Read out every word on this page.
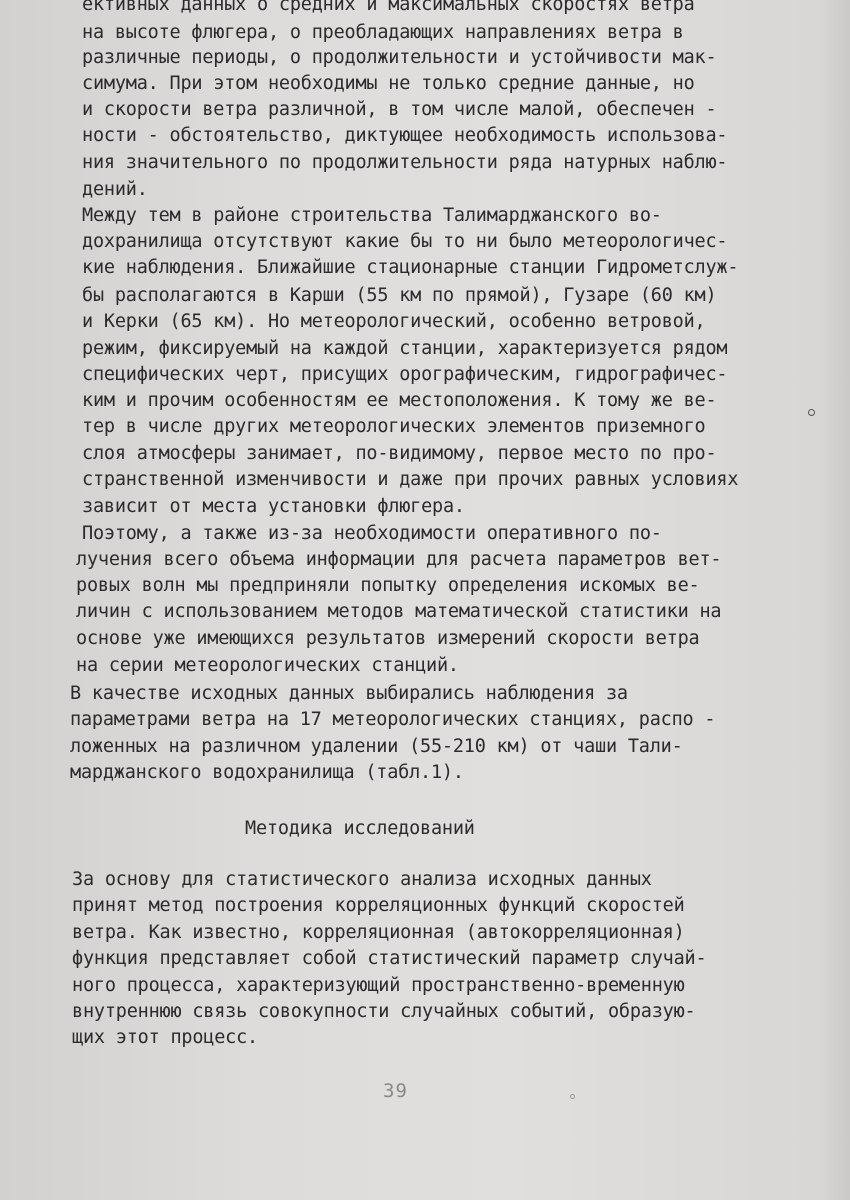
ективных данных о средних и максимальных скоростях ветра
на высоте флюгера, о преобладающих направлениях ветра в
различные периоды, о продолжительности и устойчивости мак-
симума. При этом необходимы не только средние данные, но
и скорости ветра различной, в том числе малой, обеспечен -
ности - обстоятельство, диктующее необходимость использова-
ния значительного по продолжительности ряда натурных наблю-
дений.
Между тем в районе строительства Талимарджанского во-
дохранилища отсутствуют какие бы то ни было метеорологичес-
кие наблюдения. Ближайшие стационарные станции Гидрометслуж-
бы располагаются в Карши (55 км по прямой), Гузаре (60 км)
и Керки (65 км). Но метеорологический, особенно ветровой,
режим, фиксируемый на каждой станции, характеризуется рядом
специфических черт, присущих орографическим, гидрографичес-
ким и прочим особенностям ее местоположения. К тому же ве-
тер в числе других метеорологических элементов приземного
слоя атмосферы занимает, по-видимому, первое место по про-
странственной изменчивости и даже при прочих равных условиях
зависит от места установки флюгера.
Поэтому, а также из-за необходимости оперативного по-
лучения всего объема информации для расчета параметров вет-
ровых волн мы предприняли попытку определения искомых ве-
личин с использованием методов математической статистики на
основе уже имеющихся результатов измерений скорости ветра
на серии метеорологических станций.
В качестве исходных данных выбирались наблюдения за
параметрами ветра на 17 метеорологических станциях, распо -
ложенных на различном удалении (55-210 км) от чаши Тали-
марджанского водохранилища (табл.1).
Методика исследований
За основу для статистического анализа исходных данных
принят метод построения корреляционных функций скоростей
ветра. Как известно, корреляционная (автокорреляционная)
функция представляет собой статистический параметр случай-
ного процесса, характеризующий пространственно-временную
внутреннюю связь совокупности случайных событий, образую-
щих этот процесс.
39
